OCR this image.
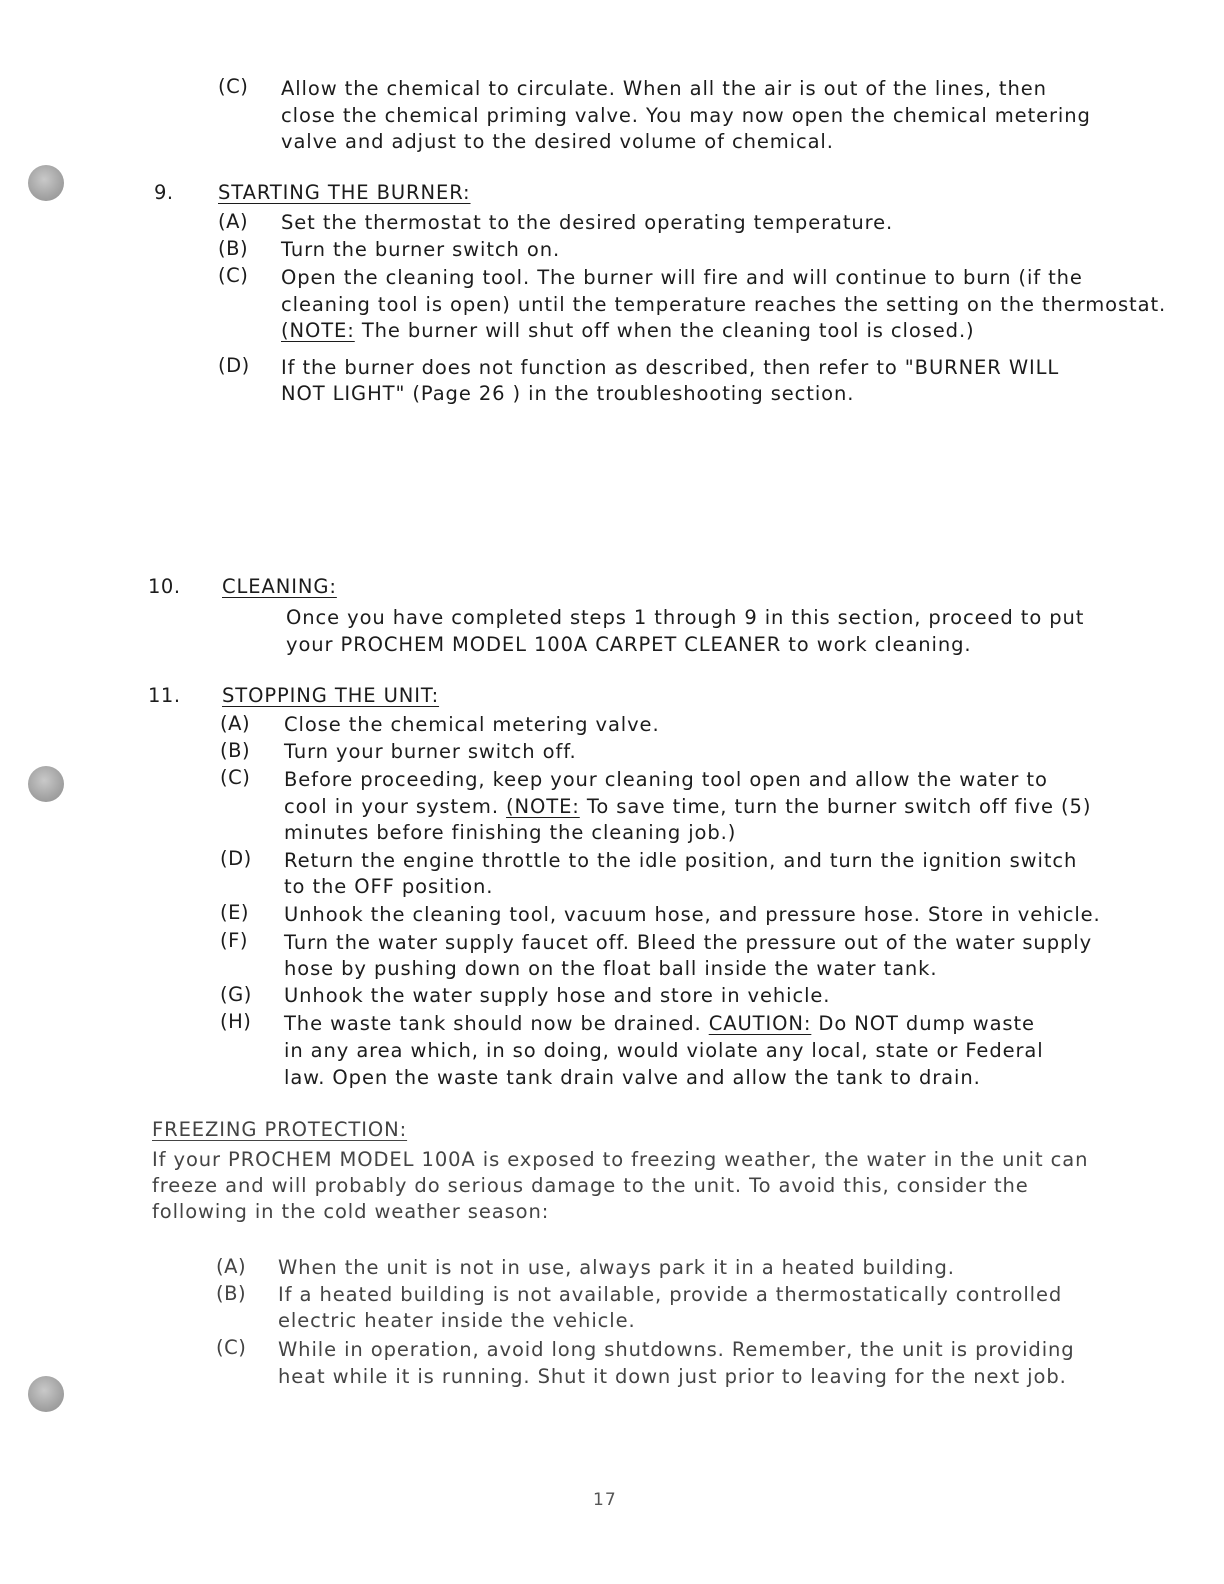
(C) Allow the chemical to circulate. When all the air is out of the lines, then
close the chemical priming valve. You may now open the chemical metering
valve and adjust to the desired volume of chemical.
9. STARTING THE BURNER:
(A) Set the thermostat to the desired operating temperature.
(B) Turn the burner switch on.
(C) Open the cleaning tool. The burner will fire and will continue to burn (if the
cleaning tool is open) until the temperature reaches the setting on the thermostat.
(NOTE: The burner will shut off when the cleaning tool is closed.)
(D) If the burner does not function as described, then refer to "BURNER WILL
NOT LIGHT" (Page 26 ) in the troubleshooting section.
10. CLEANING:
Once you have completed steps 1 through 9 in this section, proceed to put
your PROCHEM MODEL 100A CARPET CLEANER to work cleaning.
11. STOPPING THE UNIT:
(A) Close the chemical metering valve.
(B) Turn your burner switch off.
(C) Before proceeding, keep your cleaning tool open and allow the water to
cool in your system. (NOTE: To save time, turn the burner switch off five (5)
minutes before finishing the cleaning job.)
(D) Return the engine throttle to the idle position, and turn the ignition switch
to the OFF position.
(E) Unhook the cleaning tool, vacuum hose, and pressure hose. Store in vehicle.
(F) Turn the water supply faucet off. Bleed the pressure out of the water supply
hose by pushing down on the float ball inside the water tank.
(G) Unhook the water supply hose and store in vehicle.
(H) The waste tank should now be drained. CAUTION: Do NOT dump waste
in any area which, in so doing, would violate any local, state or Federal
law. Open the waste tank drain valve and allow the tank to drain.
FREEZING PROTECTION:
If your PROCHEM MODEL 100A is exposed to freezing weather, the water in the unit can
freeze and will probably do serious damage to the unit. To avoid this, consider the
following in the cold weather season:
(A) When the unit is not in use, always park it in a heated building.
(B) If a heated building is not available, provide a thermostatically controlled
electric heater inside the vehicle.
(C) While in operation, avoid long shutdowns. Remember, the unit is providing
heat while it is running. Shut it down just prior to leaving for the next job.
17
